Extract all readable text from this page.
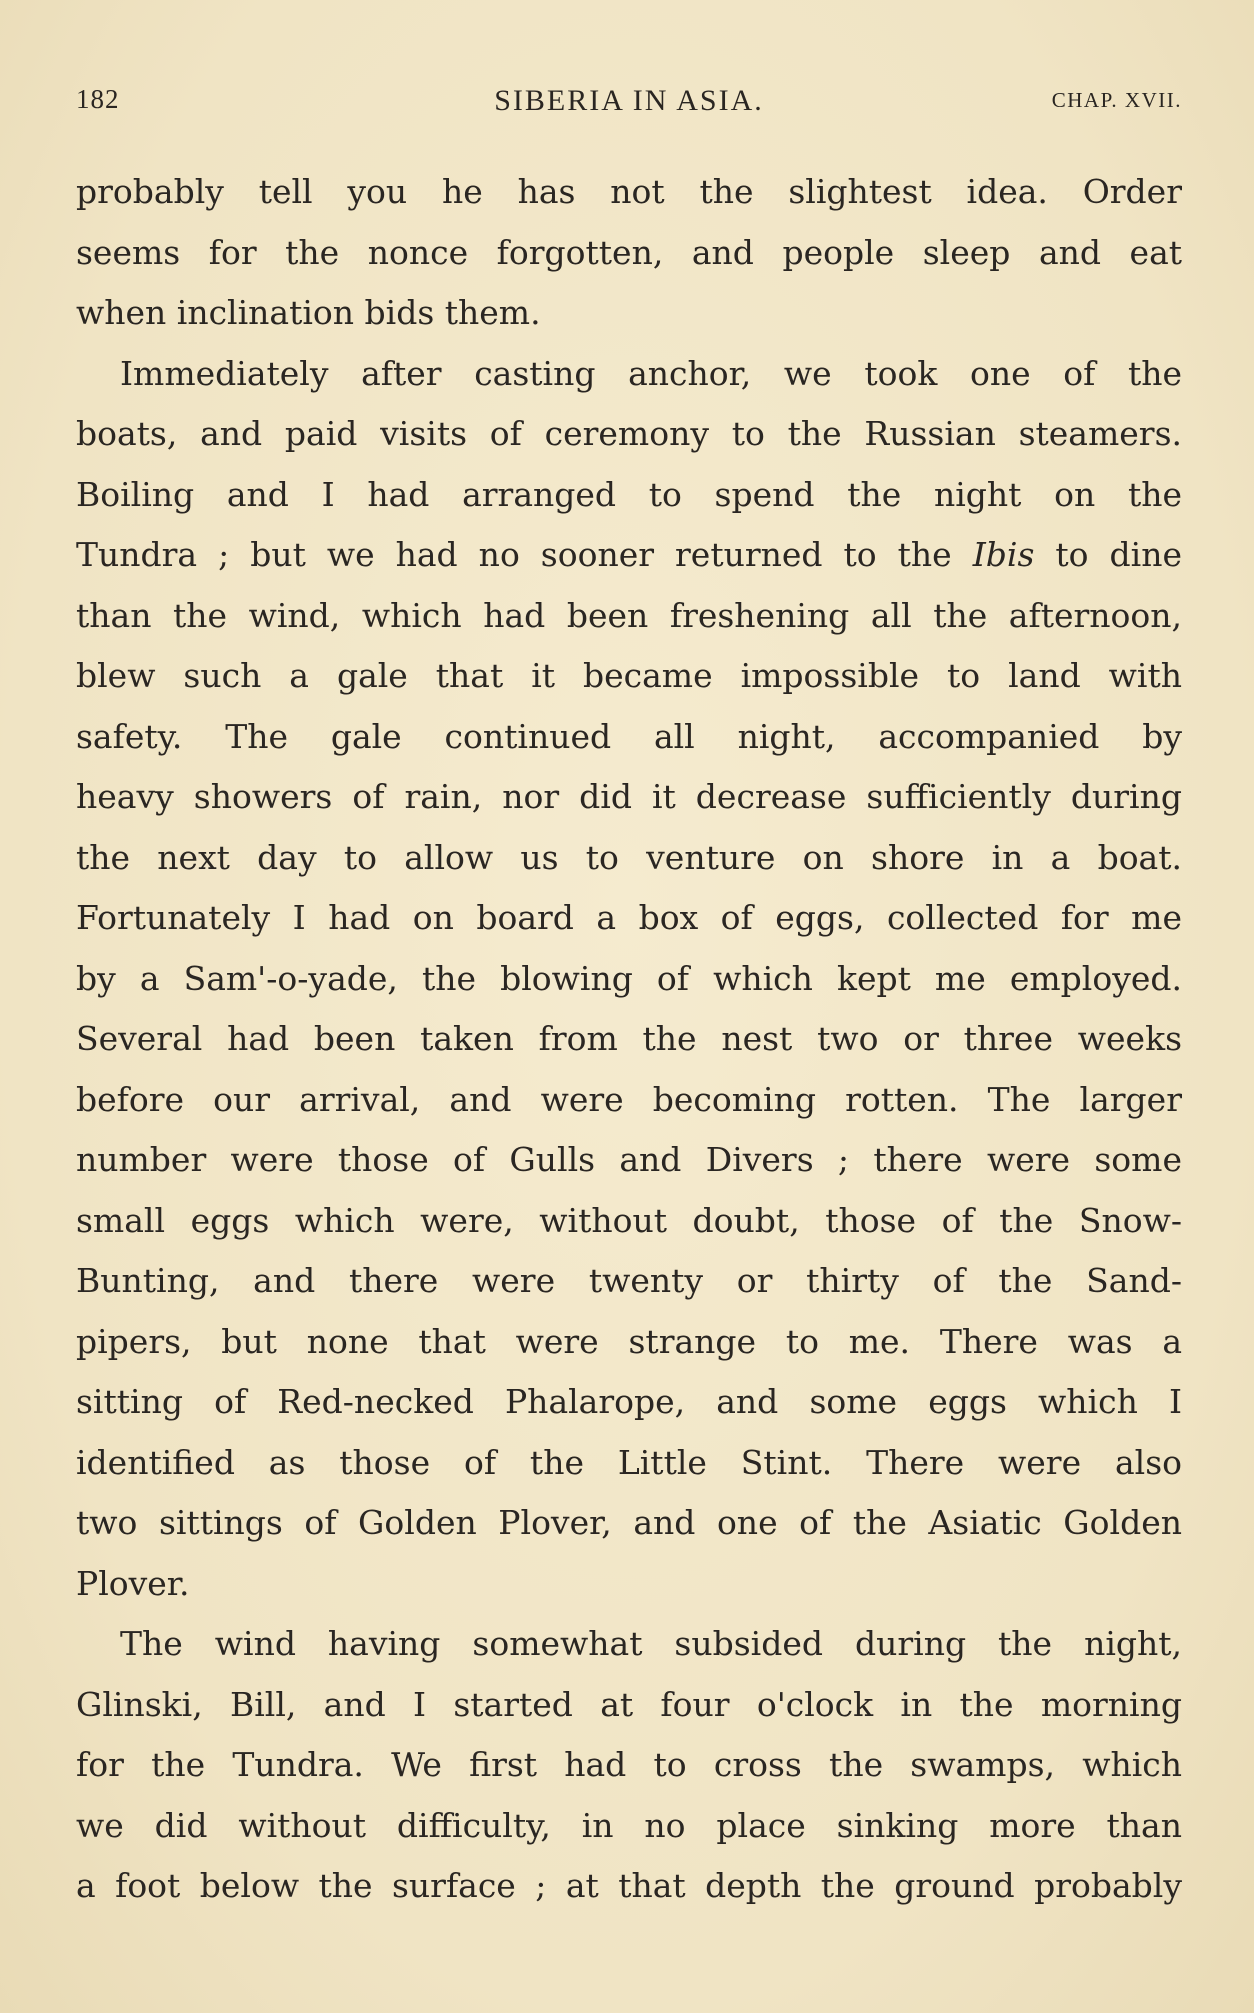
182	SIBERIA IN ASIA.	CHAP. XVII.
probably tell you he has not the slightest idea. Order
seems for the nonce forgotten, and people sleep and eat
when inclination bids them.
Immediately after casting anchor, we took one of the
boats, and paid visits of ceremony to the Russian steamers.
Boiling and I had arranged to spend the night on the
Tundra ; but we had no sooner returned to the Ibis to dine
than the wind, which had been freshening all the afternoon,
blew such a gale that it became impossible to land with
safety. The gale continued all night, accompanied by
heavy showers of rain, nor did it decrease sufficiently during
the next day to allow us to venture on shore in a boat.
Fortunately I had on board a box of eggs, collected for me
by a Sam'-o-yade, the blowing of which kept me employed.
Several had been taken from the nest two or three weeks
before our arrival, and were becoming rotten. The larger
number were those of Gulls and Divers ; there were some
small eggs which were, without doubt, those of the Snow-
Bunting, and there were twenty or thirty of the Sand-
pipers, but none that were strange to me. There was a
sitting of Red-necked Phalarope, and some eggs which I
identified as those of the Little Stint. There were also
two sittings of Golden Plover, and one of the Asiatic Golden
Plover.
The wind having somewhat subsided during the night,
Glinski, Bill, and I started at four o'clock in the morning
for the Tundra. We first had to cross the swamps, which
we did without difficulty, in no place sinking more than
a foot below the surface ; at that depth the ground probably
